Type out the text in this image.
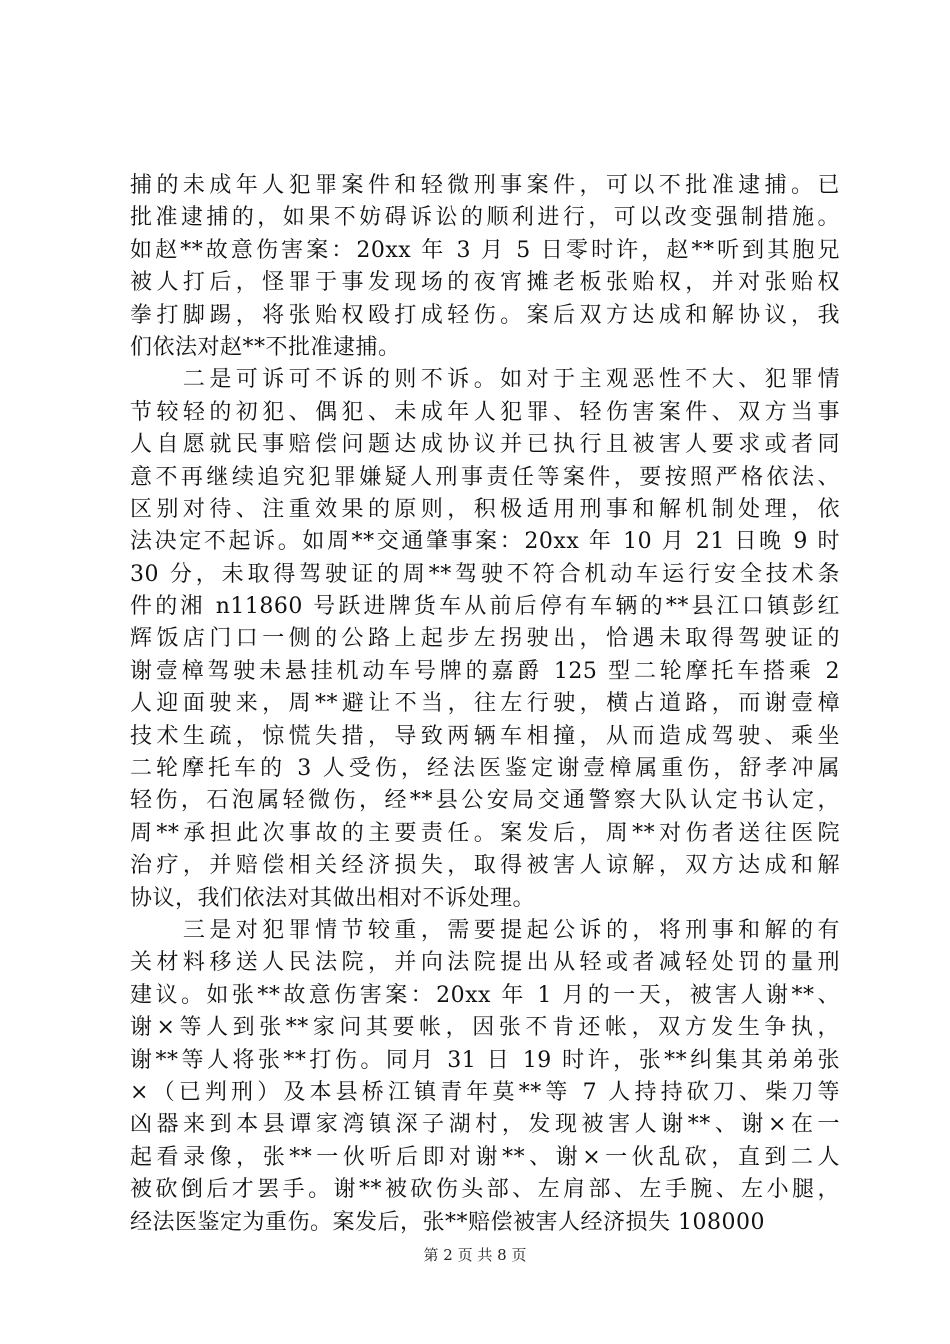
捕的未成年人犯罪案件和轻微刑事案件，可以不批准逮捕。已
批准逮捕的，如果不妨碍诉讼的顺利进行，可以改变强制措施。
如赵**故意伤害案：20xx 年 3 月 5 日零时许，赵**听到其胞兄
被人打后，怪罪于事发现场的夜宵摊老板张贻权，并对张贻权
拳打脚踢，将张贻权殴打成轻伤。案后双方达成和解协议，我
们依法对赵**不批准逮捕。
　　二是可诉可不诉的则不诉。如对于主观恶性不大、犯罪情
节较轻的初犯、偶犯、未成年人犯罪、轻伤害案件、双方当事
人自愿就民事赔偿问题达成协议并已执行且被害人要求或者同
意不再继续追究犯罪嫌疑人刑事责任等案件，要按照严格依法、
区别对待、注重效果的原则，积极适用刑事和解机制处理，依
法决定不起诉。如周**交通肇事案：20xx 年 10 月 21 日晚 9 时
30 分，未取得驾驶证的周**驾驶不符合机动车运行安全技术条
件的湘 n11860 号跃进牌货车从前后停有车辆的**县江口镇彭红
辉饭店门口一侧的公路上起步左拐驶出，恰遇未取得驾驶证的
谢壹樟驾驶未悬挂机动车号牌的嘉爵 125 型二轮摩托车搭乘 2
人迎面驶来，周**避让不当，往左行驶，横占道路，而谢壹樟
技术生疏，惊慌失措，导致两辆车相撞，从而造成驾驶、乘坐
二轮摩托车的 3 人受伤，经法医鉴定谢壹樟属重伤，舒孝冲属
轻伤，石泡属轻微伤，经**县公安局交通警察大队认定书认定，
周**承担此次事故的主要责任。案发后，周**对伤者送往医院
治疗，并赔偿相关经济损失，取得被害人谅解，双方达成和解
协议，我们依法对其做出相对不诉处理。
　　三是对犯罪情节较重，需要提起公诉的，将刑事和解的有
关材料移送人民法院，并向法院提出从轻或者减轻处罚的量刑
建议。如张**故意伤害案：20xx 年 1 月的一天，被害人谢**、
谢×等人到张**家问其要帐，因张不肯还帐，双方发生争执，
谢**等人将张**打伤。同月 31 日 19 时许，张**纠集其弟弟张
×（已判刑）及本县桥江镇青年莫**等 7 人持持砍刀、柴刀等
凶器来到本县谭家湾镇深子湖村，发现被害人谢**、谢×在一
起看录像，张**一伙听后即对谢**、谢×一伙乱砍，直到二人
被砍倒后才罢手。谢**被砍伤头部、左肩部、左手腕、左小腿，
经法医鉴定为重伤。案发后，张**赔偿被害人经济损失 108000
第 2 页 共 8 页
